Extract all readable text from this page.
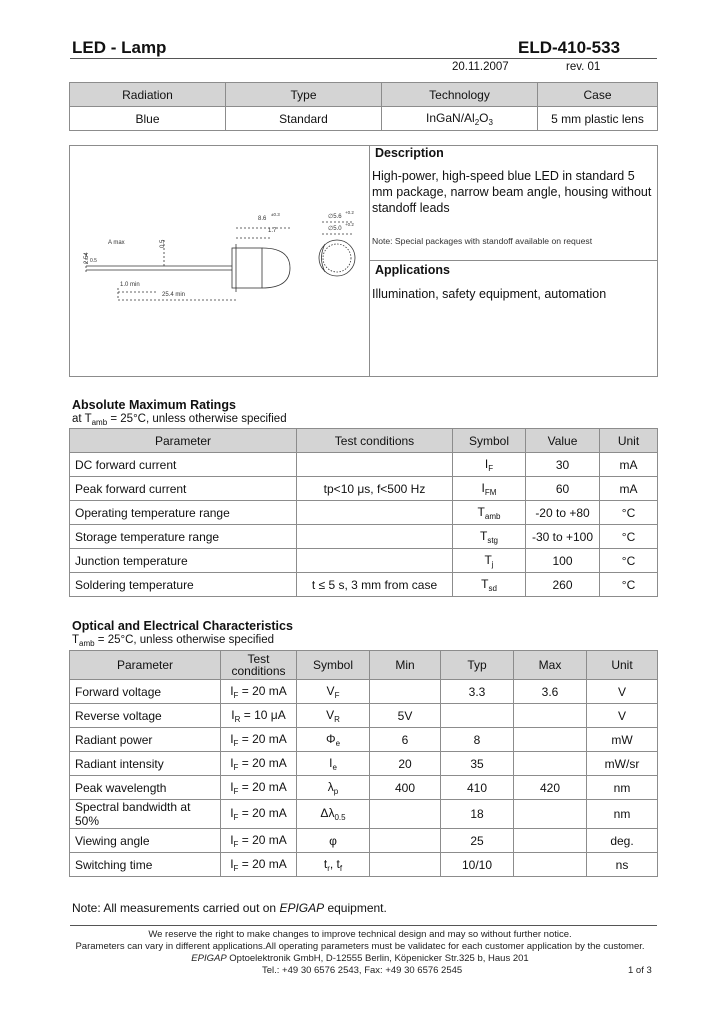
LED - Lamp	ELD-410-533
20.11.2007	rev. 01
Radiation	Type	Technology	Case
Blue	Standard	InGaN/$Al_2O_3$	5 mm plastic lens
8.6
±0.3
1.7
∅5.6
+0.2
∅5.0
+0.2
0.5
A max
2.54 0.5
1.0 min
25.4 min
Description
High-power, high-speed blue LED in standard 5 mm package, narrow beam angle, housing without standoff leads
Note: Special packages with standoff available on request
Applications
Illumination, safety equipment, automation
Absolute Maximum Ratings
at $T_{amb} = 25^\circ C$, unless otherwise specified
Parameter	Test conditions	Symbol	Value	Unit
DC forward current		$I_F$	30	mA
Peak forward current	tp<10 μs, f<500 Hz	$I_{FM}$	60	mA
Operating temperature range		$T_{amb}$	-20 to +80	°C
Storage temperature range		$T_{stg}$	-30 to +100	°C
Junction temperature		$T_j$	100	°C
Soldering temperature	t ≤ 5 s, 3 mm from case	$T_{sd}$	260	°C
Optical and Electrical Characteristics
$T_{amb} = 25^\circ C$, unless otherwise specified
Parameter	Test conditions	Symbol	Min	Typ	Max	Unit
Forward voltage	$I_F = 20$ mA	$V_F$		3.3	3.6	V
Reverse voltage	$I_R = 10$ μA	$V_R$	5V			V
Radiant power	$I_F = 20$ mA	$\Phi_e$	6	8		mW
Radiant intensity	$I_F = 20$ mA	$I_e$	20	35		mW/sr
Peak wavelength	$I_F = 20$ mA	$\lambda_p$	400	410	420	nm
Spectral bandwidth at 50%	$I_F = 20$ mA	$\Delta\lambda_{0.5}$		18		nm
Viewing angle	$I_F = 20$ mA	φ		25		deg.
Switching time	$I_F = 20$ mA	$t_r$, $t_f$		10/10		ns
Note: All measurements carried out on EPIGAP equipment.
We reserve the right to make changes to improve technical design and may so without further notice.
Parameters can vary in different applications.All operating parameters must be validatec for each customer application by the customer.
EPIGAP Optoelektronik GmbH, D-12555 Berlin, Köpenicker Str.325 b, Haus 201
Tel.: +49 30 6576 2543, Fax: +49 30 6576 2545	1 of 3
